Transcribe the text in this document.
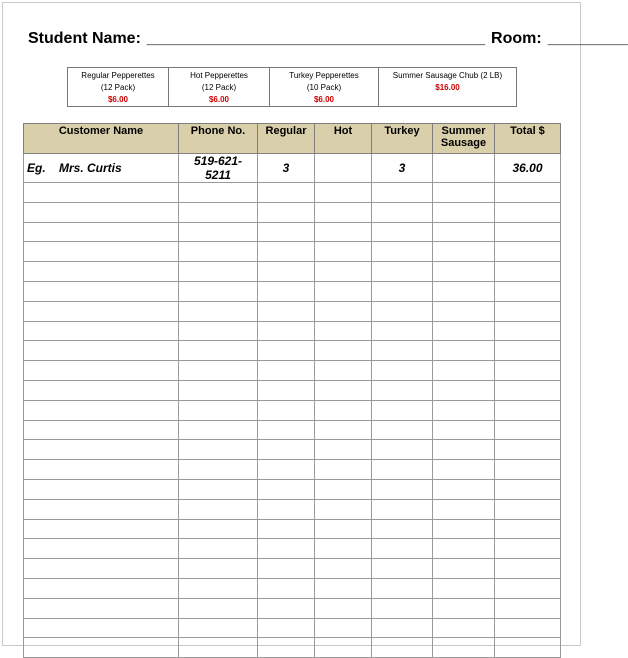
Student Name: ______________________________________ Room: _________
Regular Pepperettes
(12 Pack)
$6.00

Hot Pepperettes
(12 Pack)
$6.00

Turkey Pepperettes
(10 Pack)
$6.00

Summer Sausage Chub (2 LB)
$16.00
Customer Name	Phone No.	Regular	Hot	Turkey	Summer Sausage	Total $
Eg.    Mrs. Curtis	519-621-5211	3		3		36.00
